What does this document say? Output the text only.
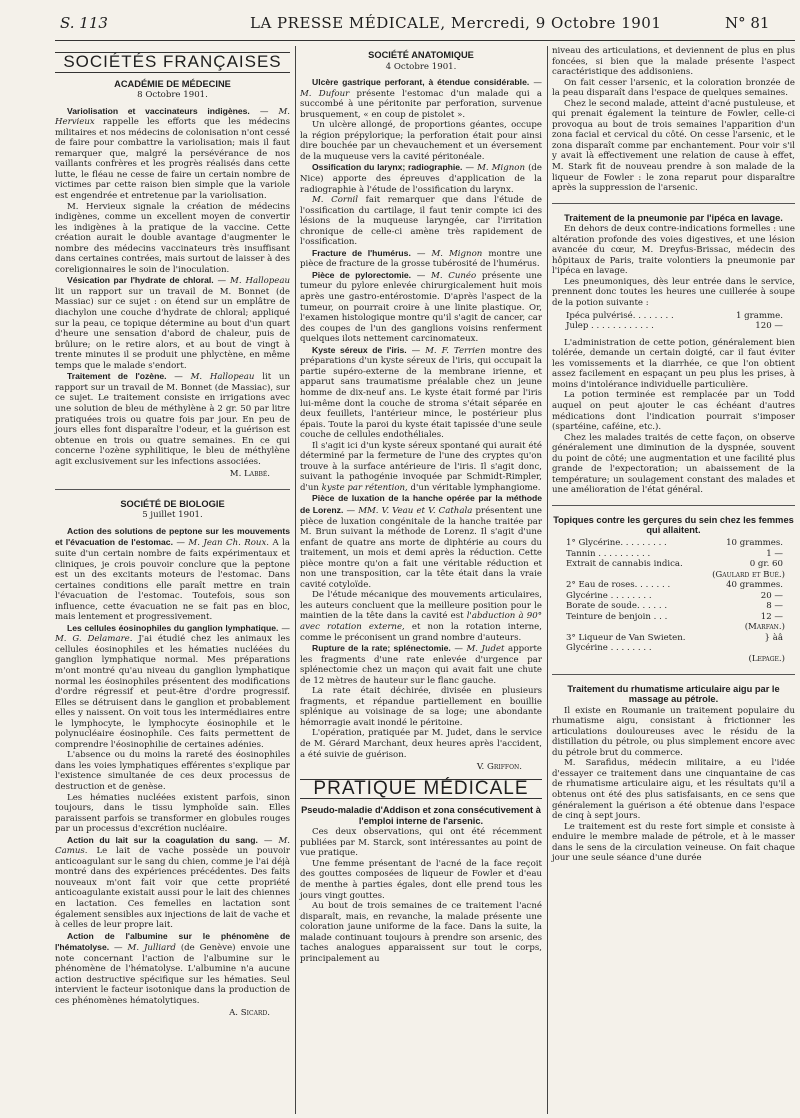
S. 113	LA PRESSE MÉDICALE, Mercredi, 9 Octobre 1901	N° 81
SOCIÉTÉS FRANÇAISES
ACADÉMIE DE MÉDECINE
8 Octobre 1901.

Variolisation et vaccinateurs indigènes. — M. Hervieux rappelle les efforts que les médecins militaires et nos médecins de colonisation n'ont cessé de faire pour combattre la variolisation; mais il faut remarquer que, malgré la persévérance de nos vaillants confrères et les progrès réalisés dans cette lutte, le fléau ne cesse de faire un certain nombre de victimes par cette raison bien simple que la variole est engendrée et entretenue par la variolisation.

M. Hervieux signale la création de médecins indigènes, comme un excellent moyen de convertir les indigènes à la pratique de la vaccine. Cette création aurait le double avantage d'augmenter le nombre des médecins vaccinateurs très insuffisant dans certaines contrées, mais surtout de laisser à des coreligionnaires le soin de l'inoculation.

Vésication par l'hydrate de chloral. — M. Hallopeau lit un rapport sur un travail de M. Bonnet (de Massiac) sur ce sujet : on étend sur un emplâtre de diachylon une couche d'hydrate de chloral; appliqué sur la peau, ce topique détermine au bout d'un quart d'heure une sensation d'abord de chaleur, puis de brûlure; on le retire alors, et au bout de vingt à trente minutes il se produit une phlyctène, en même temps que le malade s'endort.

Traitement de l'ozène. — M. Hallopeau lit un rapport sur un travail de M. Bonnet (de Massiac), sur ce sujet. Le traitement consiste en irrigations avec une solution de bleu de méthylène à 2 gr. 50 par litre pratiquées trois ou quatre fois par jour. En peu de jours elles font disparaître l'odeur, et la guérison est obtenue en trois ou quatre semaines. En ce qui concerne l'ozène syphilitique, le bleu de méthylène agit exclusivement sur les infections associées.

M. Labbé.
SOCIÉTÉ DE BIOLOGIE
5 juillet 1901.

Action des solutions de peptone sur les mouvements et l'évacuation de l'estomac. — M. Jean Ch. Roux. A la suite d'un certain nombre de faits expérimentaux et cliniques, je crois pouvoir conclure que la peptone est un des excitants moteurs de l'estomac. Dans certaines conditions elle paraît mettre en train l'évacuation de l'estomac. Toutefois, sous son influence, cette évacuation ne se fait pas en bloc, mais lentement et progressivement.

Les cellules éosinophiles du ganglion lymphatique. — M. G. Delamare. J'ai étudié chez les animaux les cellules éosinophiles et les hématies nucléées du ganglion lymphatique normal. Mes préparations m'ont montré qu'au niveau du ganglion lymphatique normal les éosinophiles présentent des modifications d'ordre régressif et peut-être d'ordre progressif. Elles se détruisent dans le ganglion et probablement elles y naissent. On voit tous les intermédiaires entre le lymphocyte, le lymphocyte éosinophile et le polynucléaire éosinophile. Ces faits permettent de comprendre l'éosinophilie de certaines adénies.

L'absence ou du moins la rareté des éosinophiles dans les voies lymphatiques efférentes s'explique par l'existence simultanée de ces deux processus de destruction et de genèse.

Les hématies nucléées existent parfois, sinon toujours, dans le tissu lymphoïde sain. Elles paraissent parfois se transformer en globules rouges par un processus d'excrétion nucléaire.

Action du lait sur la coagulation du sang. — M. Camus. Le lait de vache possède un pouvoir anticoagulant sur le sang du chien, comme je l'ai déjà montré dans des expériences précédentes. Des faits nouveaux m'ont fait voir que cette propriété anticoagulante existait aussi pour le lait des chiennes en lactation. Ces femelles en lactation sont également sensibles aux injections de lait de vache et à celles de leur propre lait.

Action de l'albumine sur le phénomène de l'hématolyse. — M. Julliard (de Genève) envoie une note concernant l'action de l'albumine sur le phénomène de l'hématolyse. L'albumine n'a aucune action destructive spécifique sur les hématies. Seul intervient le facteur isotonique dans la production de ces phénomènes hématolytiques.

A. Sicard.
SOCIÉTÉ ANATOMIQUE
4 Octobre 1901.

Ulcère gastrique perforant, à étendue considérable. — M. Dufour présente l'estomac d'un malade qui a succombé à une péritonite par perforation, survenue brusquement, « en coup de pistolet ».

Un ulcère allongé, de proportions géantes, occupe la région prépylorique; la perforation était pour ainsi dire bouchée par un chevauchement et un éversement de la muqueuse vers la cavité péritonéale.

Ossification du larynx; radiographie. — M. Mignon (de Nice) apporte des épreuves d'application de la radiographie à l'étude de l'ossification du larynx.

M. Cornil fait remarquer que dans l'étude de l'ossification du cartilage, il faut tenir compte ici des lésions de la muqueuse laryngée, car l'irritation chronique de celle-ci amène très rapidement de l'ossification.

Fracture de l'humérus. — M. Mignon montre une pièce de fracture de la grosse tubérosité de l'humérus.

Pièce de pylorectomie. — M. Cunéo présente une tumeur du pylore enlevée chirurgicalement huit mois après une gastro-entérostomie. D'après l'aspect de la tumeur, on pourrait croire à une linite plastique. Or, l'examen histologique montre qu'il s'agit de cancer, car des coupes de l'un des ganglions voisins renferment quelques ilots nettement carcinomateux.

Kyste séreux de l'iris. — M. F. Terrien montre des préparations d'un kyste séreux de l'iris, qui occupait la partie supéro-externe de la membrane irienne, et apparut sans traumatisme préalable chez un jeune homme de dix-neuf ans. Le kyste était formé par l'iris lui-même dont la couche de stroma s'était séparée en deux feuillets, l'antérieur mince, le postérieur plus épais. Toute la paroi du kyste était tapissée d'une seule couche de cellules endothéliales.

Il s'agit ici d'un kyste séreux spontané qui aurait été déterminé par la fermeture de l'une des cryptes qu'on trouve à la surface antérieure de l'iris. Il s'agit donc, suivant la pathogénie invoquée par Schmidt-Rimpler, d'un kyste par rétention, d'un véritable lymphangiome.

Pièce de luxation de la hanche opérée par la méthode de Lorenz. — MM. V. Veau et V. Cathala présentent une pièce de luxation congénitale de la hanche traitée par M. Brun suivant la méthode de Lorenz. Il s'agit d'une enfant de quatre ans morte de diphtérie au cours du traitement, un mois et demi après la réduction. Cette pièce montre qu'on a fait une véritable réduction et non une transposition, car la tête était dans la vraie cavité cotyloïde.

De l'étude mécanique des mouvements articulaires, les auteurs concluent que la meilleure position pour le maintien de la tête dans la cavité est l'abduction à 90° avec rotation externe, et non la rotation interne, comme le préconisent un grand nombre d'auteurs.

Rupture de la rate; splénectomie. — M. Judet apporte les fragments d'une rate enlevée d'urgence par splénectomie chez un maçon qui avait fait une chute de 12 mètres de hauteur sur le flanc gauche.

La rate était déchirée, divisée en plusieurs fragments, et répandue partiellement en bouillie splénique au voisinage de sa loge; une abondante hémorragie avait inondé le péritoine.

L'opération, pratiquée par M. Judet, dans le service de M. Gérard Marchant, deux heures après l'accident, a été suivie de guérison.

V. Griffon.
PRATIQUE MÉDICALE
Pseudo-maladie d'Addison et zona consécutivement à l'emploi interne de l'arsenic.

Ces deux observations, qui ont été récemment publiées par M. Starck, sont intéressantes au point de vue pratique.

Une femme présentant de l'acné de la face reçoit des gouttes composées de liqueur de Fowler et d'eau de menthe à parties égales, dont elle prend tous les jours vingt gouttes.

Au bout de trois semaines de ce traitement l'acné disparaît, mais, en revanche, la malade présente une coloration jaune uniforme de la face. Dans la suite, la malade continuant toujours à prendre son arsenic, des taches analogues apparaissent sur tout le corps, principalement au

niveau des articulations, et deviennent de plus en plus foncées, si bien que la malade présente l'aspect caractéristique des addisoniens.

On fait cesser l'arsenic, et la coloration bronzée de la peau disparaît dans l'espace de quelques semaines.

Chez le second malade, atteint d'acné pustuleuse, et qui prenait également la teinture de Fowler, celle-ci provoqua au bout de trois semaines l'apparition d'un zona facial et cervical du côté. On cesse l'arsenic, et le zona disparaît comme par enchantement. Pour voir s'il y avait là effectivement une relation de cause à effet, M. Stark fit de nouveau prendre à son malade de la liqueur de Fowler : le zona reparut pour disparaître après la suppression de l'arsenic.

Traitement de la pneumonie par l'ipéca en lavage.

En dehors de deux contre-indications formelles : une altération profonde des voies digestives, et une lésion avancée du cœur, M. Dreyfus-Brissac, médecin des hôpitaux de Paris, traite volontiers la pneumonie par l'ipéca en lavage.

Les pneumoniques, dès leur entrée dans le service, prennent donc toutes les heures une cuillerée à soupe de la potion suivante :

Ipéca pulvérisé. . . . . . . .	1 gramme.
Julep . . . . . . . . . . . .	120 —

L'administration de cette potion, généralement bien tolérée, demande un certain doigté, car il faut éviter les vomissements et la diarrhée, ce que l'on obtient assez facilement en espaçant un peu plus les prises, à moins d'intolérance individuelle particulière.

La potion terminée est remplacée par un Todd auquel on peut ajouter le cas échéant d'autres médications dont l'indication pourrait s'imposer (spartéine, caféine, etc.).

Chez les malades traités de cette façon, on observe généralement une diminution de la dyspnée, souvent du point de côté; une augmentation et une facilité plus grande de l'expectoration; un abaissement de la température; un soulagement constant des malades et une amélioration de l'état général.

Topiques contre les gerçures du sein chez les femmes qui allaitent.
1° Glycérine. . . . . . . . .	10 grammes.
Tannin . . . . . . . . . .	1 —
Extrait de cannabis indica.	0 gr. 60
(Gaulard et Bué.)
2° Eau de roses. . . . . . .	40 grammes.
Glycérine . . . . . . . .	20 —
Borate de soude. . . . . .	8 —
Teinture de benjoin . . .	12 —
(Marfan.)
3° Liqueur de Van Swieten.	} àâ
Glycérine . . . . . . . .
(Lepage.)
Traitement du rhumatisme articulaire aigu par le massage au pétrole.

Il existe en Roumanie un traitement populaire du rhumatisme aigu, consistant à frictionner les articulations douloureuses avec le résidu de la distillation du pétrole, ou plus simplement encore avec du pétrole brut du commerce.

M. Sarafidus, médecin militaire, a eu l'idée d'essayer ce traitement dans une cinquantaine de cas de rhumatisme articulaire aigu, et les résultats qu'il a obtenus ont été des plus satisfaisants, en ce sens que généralement la guérison a été obtenue dans l'espace de cinq à sept jours.

Le traitement est du reste fort simple et consiste à enduire le membre malade de pétrole, et à le masser dans le sens de la circulation veineuse. On fait chaque jour une seule séance d'une durée
